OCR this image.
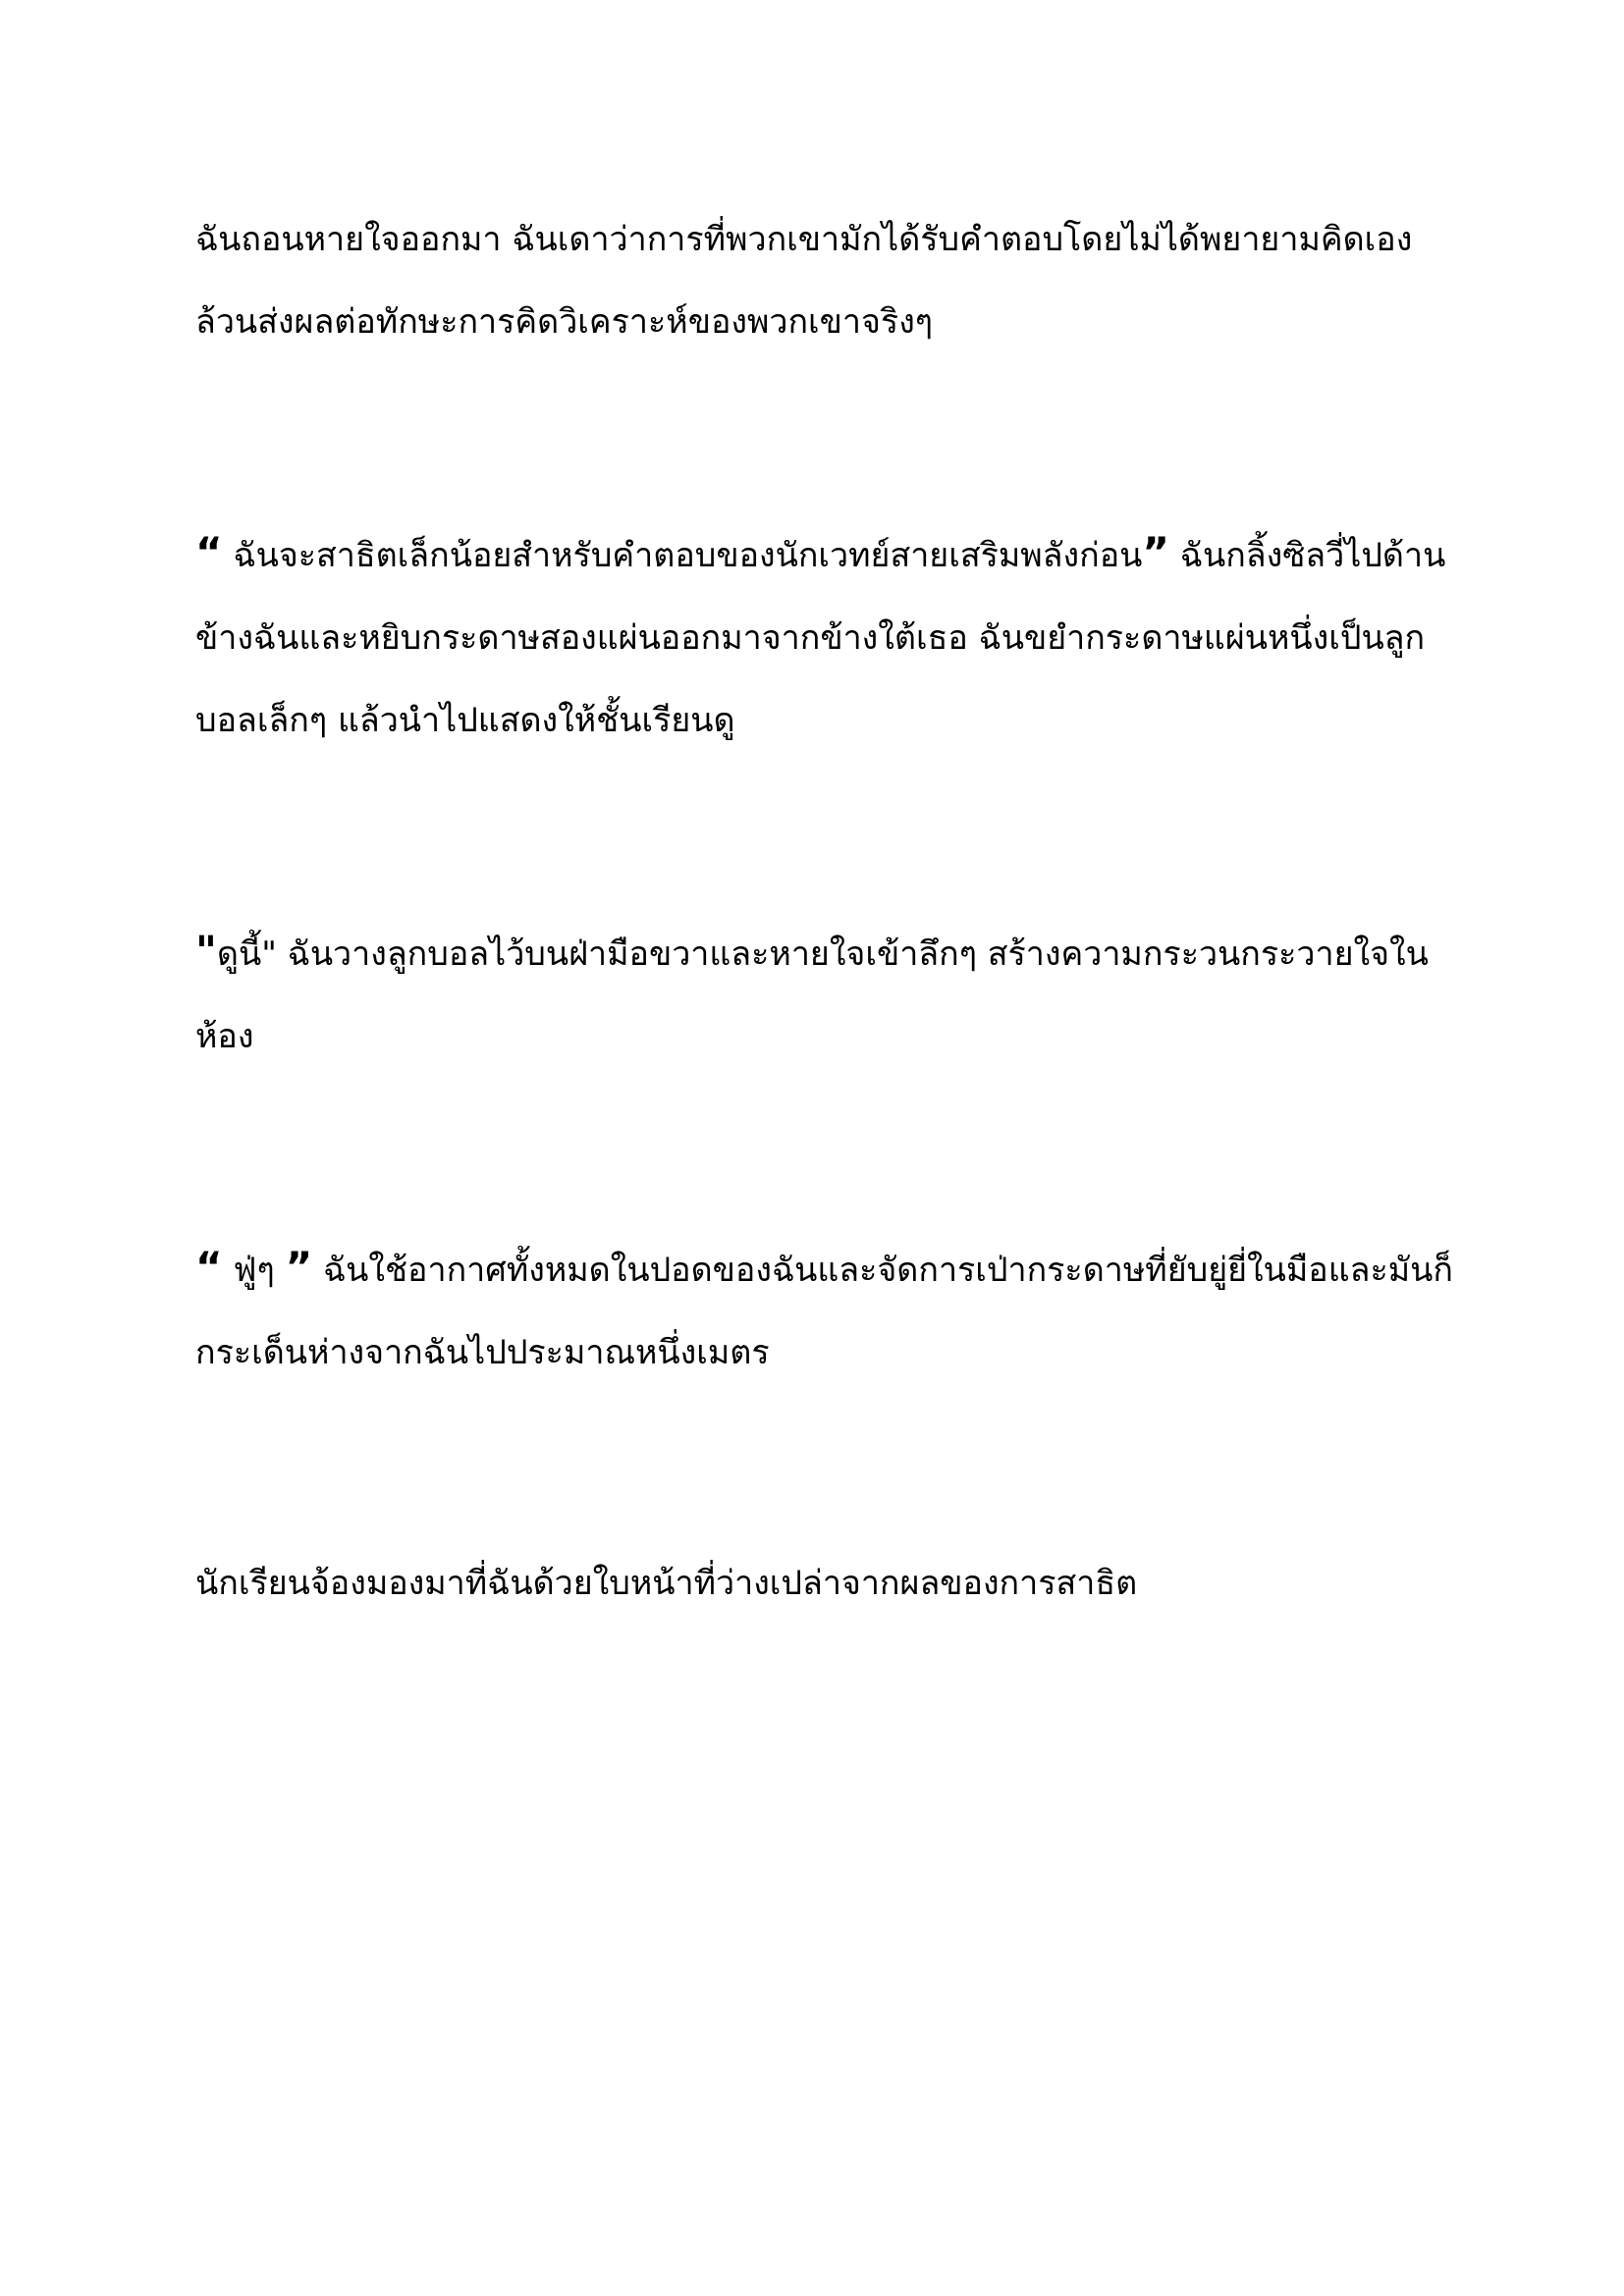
ฉันถอนหายใจออกมา ฉันเดาว่าการที่พวกเขามักได้รับคำตอบโดยไม่ได้พยายามคิดเองล้วนส่งผลต่อทักษะการคิดวิเคราะห์ของพวกเขาจริงๆ

“ ฉันจะสาธิตเล็กน้อยสำหรับคำตอบของนักเวทย์สายเสริมพลังก่อน” ฉันกลิ้งซิลวี่ไปด้านข้างฉันและหยิบกระดาษสองแผ่นออกมาจากข้างใต้เธอ ฉันขยำกระดาษแผ่นหนึ่งเป็นลูกบอลเล็กๆ แล้วนำไปแสดงให้ชั้นเรียนดู

"ดูนี้" ฉันวางลูกบอลไว้บนฝ่ามือขวาและหายใจเข้าลึกๆ สร้างความกระวนกระวายใจในห้อง

“ ฟู่ๆ ” ฉันใช้อากาศทั้งหมดในปอดของฉันและจัดการเป่ากระดาษที่ยับยู่ยี่ในมือและมันก็กระเด็นห่างจากฉันไปประมาณหนึ่งเมตร

นักเรียนจ้องมองมาที่ฉันด้วยใบหน้าที่ว่างเปล่าจากผลของการสาธิต
